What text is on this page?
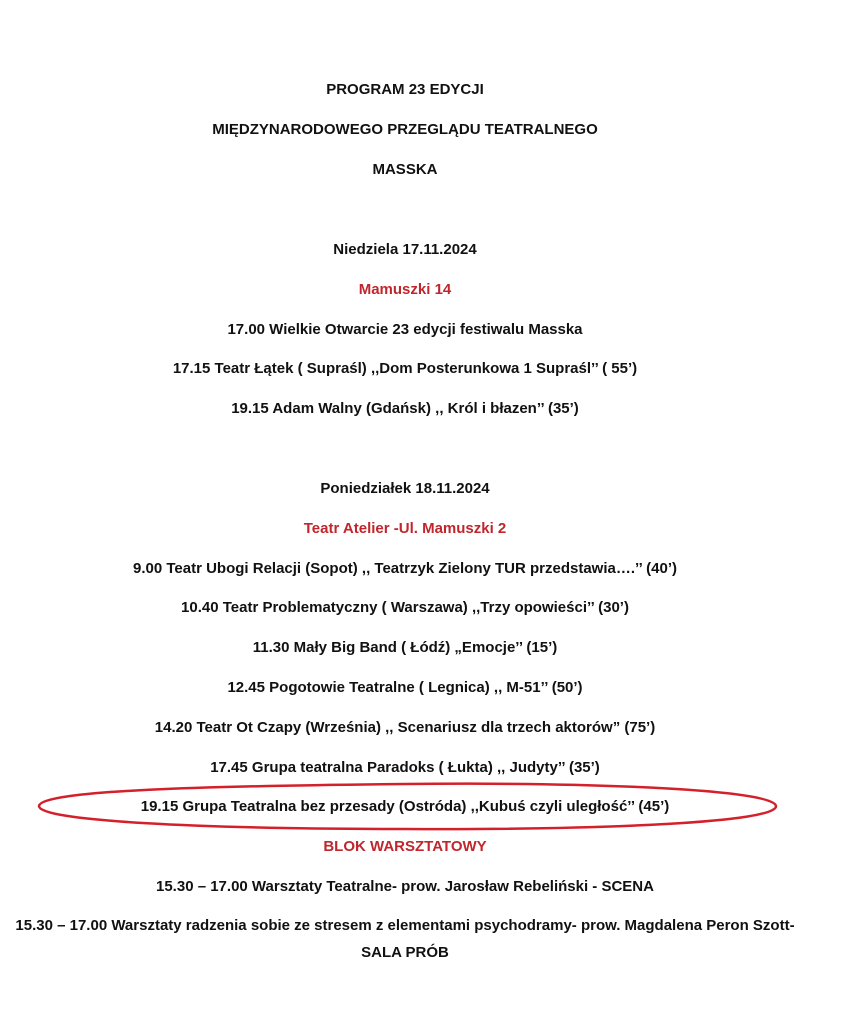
PROGRAM 23 EDYCJI
MIĘDZYNARODOWEGO PRZEGLĄDU TEATRALNEGO
MASSKA
Niedziela 17.11.2024
Mamuszki 14
17.00 Wielkie Otwarcie 23 edycji festiwalu Masska
17.15 Teatr Łątek ( Supraśl) ,,Dom Posterunkowa 1 Supraśl’’ ( 55’)
19.15 Adam Walny (Gdańsk) ,, Król i błazen’’ (35’)
Poniedziałek 18.11.2024
Teatr Atelier -Ul. Mamuszki 2
9.00 Teatr Ubogi Relacji (Sopot) ,, Teatrzyk Zielony TUR przedstawia….’’ (40’)
10.40 Teatr Problematyczny ( Warszawa) ,,Trzy opowieści’’ (30’)
11.30 Mały Big Band ( Łódź) „Emocje’’ (15’)
12.45 Pogotowie Teatralne ( Legnica) ,, M-51’’ (50’)
14.20 Teatr Ot Czapy (Września) ,, Scenariusz dla trzech aktorów” (75’)
17.45 Grupa teatralna Paradoks ( Łukta) ,, Judyty’’ (35’)
19.15 Grupa Teatralna bez przesady (Ostróda) ,,Kubuś czyli uległość’’ (45’)
BLOK WARSZTATOWY
15.30 – 17.00 Warsztaty Teatralne- prow. Jarosław Rebeliński - SCENA
15.30 – 17.00 Warsztaty radzenia sobie ze stresem z elementami psychodramy- prow. Magdalena Peron Szott- SALA PRÓB
